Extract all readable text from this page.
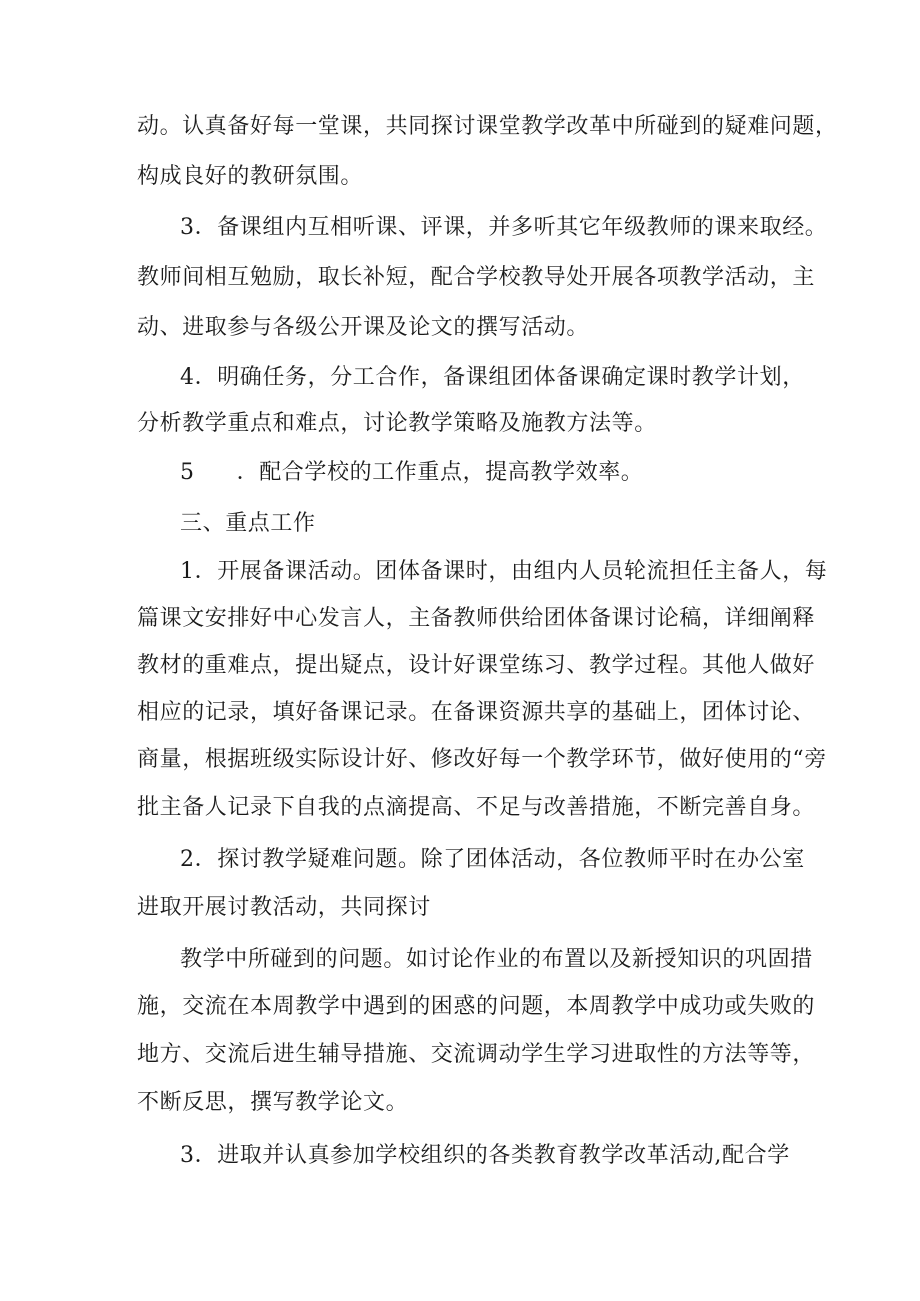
动。认真备好每一堂课，共同探讨课堂教学改革中所碰到的疑难问题，
构成良好的教研氛围。
3．备课组内互相听课、评课，并多听其它年级教师的课来取经。
教师间相互勉励，取长补短，配合学校教导处开展各项教学活动，主
动、进取参与各级公开课及论文的撰写活动。
4．明确任务，分工合作，备课组团体备课确定课时教学计划，
分析教学重点和难点，讨论教学策略及施教方法等。
5 ．配合学校的工作重点，提高教学效率。
三、重点工作
1．开展备课活动。团体备课时，由组内人员轮流担任主备人，每
篇课文安排好中心发言人，主备教师供给团体备课讨论稿，详细阐释
教材的重难点，提出疑点，设计好课堂练习、教学过程。其他人做好
相应的记录，填好备课记录。在备课资源共享的基础上，团体讨论、
商量，根据班级实际设计好、修改好每一个教学环节，做好使用的“旁
批主备人记录下自我的点滴提高、不足与改善措施，不断完善自身。
2．探讨教学疑难问题。除了团体活动，各位教师平时在办公室
进取开展讨教活动，共同探讨
教学中所碰到的问题。如讨论作业的布置以及新授知识的巩固措
施，交流在本周教学中遇到的困惑的问题，本周教学中成功或失败的
地方、交流后进生辅导措施、交流调动学生学习进取性的方法等等，
不断反思，撰写教学论文。
3．进取并认真参加学校组织的各类教育教学改革活动,配合学
